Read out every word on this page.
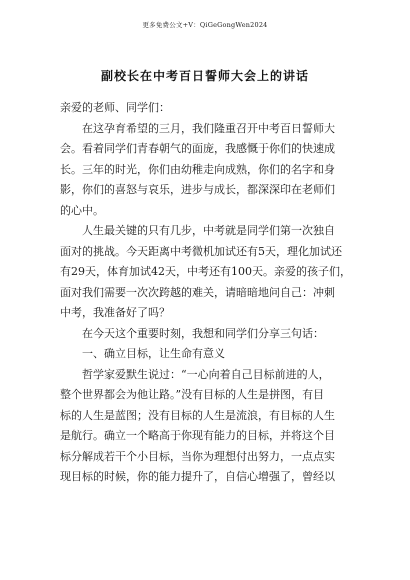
更多免费公文+V：QiGeGongWen2024
副校长在中考百日誓师大会上的讲话
亲爱的老师、同学们：
　　在这孕育希望的三月，我们隆重召开中考百日誓师大
会。看着同学们青春朝气的面庞，我感慨于你们的快速成
长。三年的时光，你们由幼稚走向成熟，你们的名字和身
影，你们的喜怒与哀乐，进步与成长，都深深印在老师们
的心中。
　　人生最关键的只有几步，中考就是同学们第一次独自
面对的挑战。今天距离中考微机加试还有5天，理化加试还
有29天，体育加试42天，中考还有100天。亲爱的孩子们，
面对我们需要一次次跨越的难关，请暗暗地问自己：冲刺
中考，我准备好了吗？
　　在今天这个重要时刻，我想和同学们分享三句话：
　　一、确立目标，让生命有意义
　　哲学家爱默生说过：“一心向着自己目标前进的人，
整个世界都会为他让路。”没有目标的人生是拼图，有目
标的人生是蓝图；没有目标的人生是流浪，有目标的人生
是航行。确立一个略高于你现有能力的目标，并将这个目
标分解成若干个小目标，当你为理想付出努力，一点点实
现目标的时候，你的能力提升了，自信心增强了，曾经以
